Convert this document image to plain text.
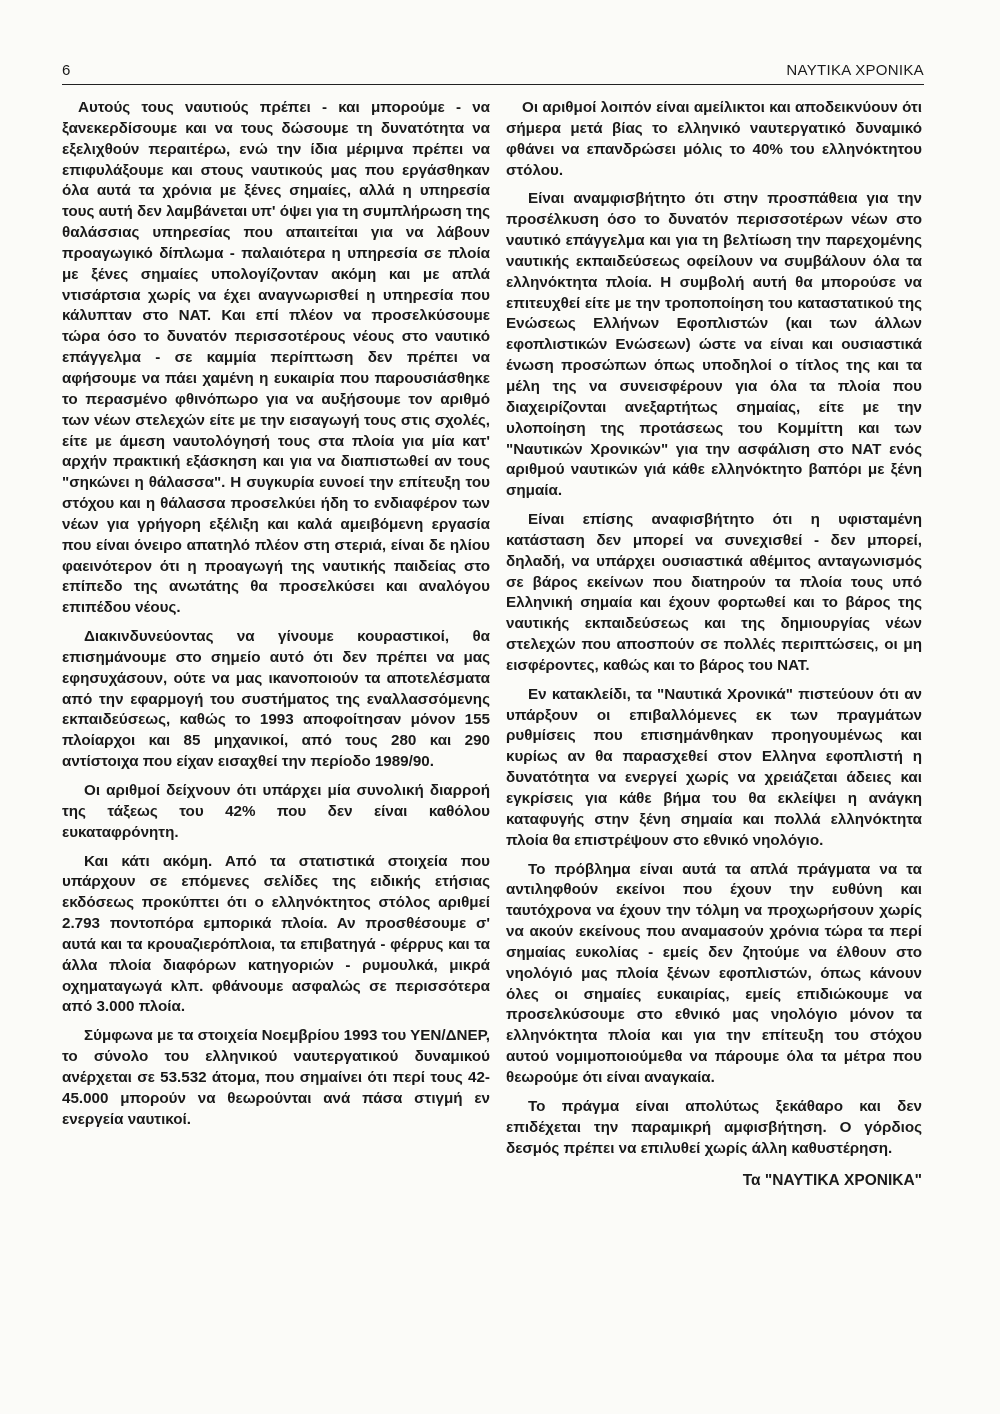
6	ΝΑΥΤΙΚΑ ΧΡΟΝΙΚΑ

Αυτούς τους ναυτιούς πρέπει - και μπορούμε - να ξανεκερδίσουμε και να τους δώσουμε τη δυνατότητα να εξελιχθούν περαιτέρω, ενώ την ίδια μέριμνα πρέπει να επιφυλάξουμε και στους ναυτικούς μας που εργάσθηκαν όλα αυτά τα χρόνια με ξένες σημαίες, αλλά η υπηρεσία τους αυτή δεν λαμβάνεται υπ' όψει για τη συμπλήρωση της θαλάσσιας υπηρεσίας που απαιτείται για να λάβουν προαγωγικό δίπλωμα - παλαιότερα η υπηρεσία σε πλοία με ξένες σημαίες υπολογίζονταν ακόμη και με απλά ντισάρτσια χωρίς να έχει αναγνωρισθεί η υπηρεσία που κάλυπταν στο ΝΑΤ. Και επί πλέον να προσελκύσουμε τώρα όσο το δυνατόν περισσοτέρους νέους στο ναυτικό επάγγελμα - σε καμμία περίπτωση δεν πρέπει να αφήσουμε να πάει χαμένη η ευκαιρία που παρουσιάσθηκε το περασμένο φθινόπωρο για να αυξήσουμε τον αριθμό των νέων στελεχών είτε με την εισαγωγή τους στις σχολές, είτε με άμεση ναυτολόγησή τους στα πλοία για μία κατ' αρχήν πρακτική εξάσκηση και για να διαπιστωθεί αν τους "σηκώνει η θάλασσα". Η συγκυρία ευνοεί την επίτευξη του στόχου και η θάλασσα προσελκύει ήδη το ενδιαφέρον των νέων για γρήγορη εξέλιξη και καλά αμειβόμενη εργασία που είναι όνειρο απατηλό πλέον στη στεριά, είναι δε ηλίου φαεινότερον ότι η προαγωγή της ναυτικής παιδείας στο επίπεδο της ανωτάτης θα προσελκύσει και αναλόγου επιπέδου νέους.

Διακινδυνεύοντας να γίνουμε κουραστικοί, θα επισημάνουμε στο σημείο αυτό ότι δεν πρέπει να μας εφησυχάσουν, ούτε να μας ικανοποιούν τα αποτελέσματα από την εφαρμογή του συστήματος της εναλλασσόμενης εκπαιδεύσεως, καθώς το 1993 αποφοίτησαν μόνον 155 πλοίαρχοι και 85 μηχανικοί, από τους 280 και 290 αντίστοιχα που είχαν εισαχθεί την περίοδο 1989/90.

Οι αριθμοί δείχνουν ότι υπάρχει μία συνολική διαρροή της τάξεως του 42% που δεν είναι καθόλου ευκαταφρόνητη.

Και κάτι ακόμη. Από τα στατιστικά στοιχεία που υπάρχουν σε επόμενες σελίδες της ειδικής ετήσιας εκδόσεως προκύπτει ότι ο ελληνόκτητος στόλος αριθμεί 2.793 ποντοπόρα εμπορικά πλοία. Αν προσθέσουμε σ' αυτά και τα κρουαζιερόπλοια, τα επιβατηγά - φέρρυς και τα άλλα πλοία διαφόρων κατηγοριών - ρυμουλκά, μικρά οχηματαγωγά κλπ. φθάνουμε ασφαλώς σε περισσότερα από 3.000 πλοία.

Σύμφωνα με τα στοιχεία Νοεμβρίου 1993 του ΥΕΝ/ΔΝΕΡ, το σύνολο του ελληνικού ναυτεργατικού δυναμικού ανέρχεται σε 53.532 άτομα, που σημαίνει ότι περί τους 42-45.000 μπορούν να θεωρούνται ανά πάσα στιγμή εν ενεργεία ναυτικοί.

Οι αριθμοί λοιπόν είναι αμείλικτοι και αποδεικνύουν ότι σήμερα μετά βίας το ελληνικό ναυτεργατικό δυναμικό φθάνει να επανδρώσει μόλις το 40% του ελληνόκτητου στόλου.

Είναι αναμφισβήτητο ότι στην προσπάθεια για την προσέλκυση όσο το δυνατόν περισσοτέρων νέων στο ναυτικό επάγγελμα και για τη βελτίωση την παρεχομένης ναυτικής εκπαιδεύσεως οφείλουν να συμβάλουν όλα τα ελληνόκτητα πλοία. Η συμβολή αυτή θα μπορούσε να επιτευχθεί είτε με την τροποποίηση του καταστατικού της Ενώσεως Ελλήνων Εφοπλιστών (και των άλλων εφοπλιστικών Ενώσεων) ώστε να είναι και ουσιαστικά ένωση προσώπων όπως υποδηλοί ο τίτλος της και τα μέλη της να συνεισφέρουν για όλα τα πλοία που διαχειρίζονται ανεξαρτήτως σημαίας, είτε με την υλοποίηση της προτάσεως του Κομμίττη και των "Ναυτικών Χρονικών" για την ασφάλιση στο ΝΑΤ ενός αριθμού ναυτικών γιά κάθε ελληνόκτητο βαπόρι με ξένη σημαία.

Είναι επίσης αναφισβήτητο ότι η υφισταμένη κατάσταση δεν μπορεί να συνεχισθεί - δεν μπορεί, δηλαδή, να υπάρχει ουσιαστικά αθέμιτος ανταγωνισμός σε βάρος εκείνων που διατηρούν τα πλοία τους υπό Ελληνική σημαία και έχουν φορτωθεί και το βάρος της ναυτικής εκπαιδεύσεως και της δημιουργίας νέων στελεχών που αποσπούν σε πολλές περιπτώσεις, οι μη εισφέροντες, καθώς και το βάρος του ΝΑΤ.

Εν κατακλείδι, τα "Ναυτικά Χρονικά" πιστεύουν ότι αν υπάρξουν οι επιβαλλόμενες εκ των πραγμάτων ρυθμίσεις που επισημάνθηκαν προηγουμένως και κυρίως αν θα παρασχεθεί στον Ελληνα εφοπλιστή η δυνατότητα να ενεργεί χωρίς να χρειάζεται άδειες και εγκρίσεις για κάθε βήμα του θα εκλείψει η ανάγκη καταφυγής στην ξένη σημαία και πολλά ελληνόκτητα πλοία θα επιστρέψουν στο εθνικό νηολόγιο.

Το πρόβλημα είναι αυτά τα απλά πράγματα να τα αντιληφθούν εκείνοι που έχουν την ευθύνη και ταυτόχρονα να έχουν την τόλμη να προχωρήσουν χωρίς να ακούν εκείνους που αναμασούν χρόνια τώρα τα περί σημαίας ευκολίας - εμείς δεν ζητούμε να έλθουν στο νηολόγιό μας πλοία ξένων εφοπλιστών, όπως κάνουν όλες οι σημαίες ευκαιρίας, εμείς επιδιώκουμε να προσελκύσουμε στο εθνικό μας νηολόγιο μόνον τα ελληνόκτητα πλοία και για την επίτευξη του στόχου αυτού νομιμοποιούμεθα να πάρουμε όλα τα μέτρα που θεωρούμε ότι είναι αναγκαία.

Το πράγμα είναι απολύτως ξεκάθαρο και δεν επιδέχεται την παραμικρή αμφισβήτηση. Ο γόρδιος δεσμός πρέπει να επιλυθεί χωρίς άλλη καθυστέρηση.

Τα "ΝΑΥΤΙΚΑ ΧΡΟΝΙΚΑ"
